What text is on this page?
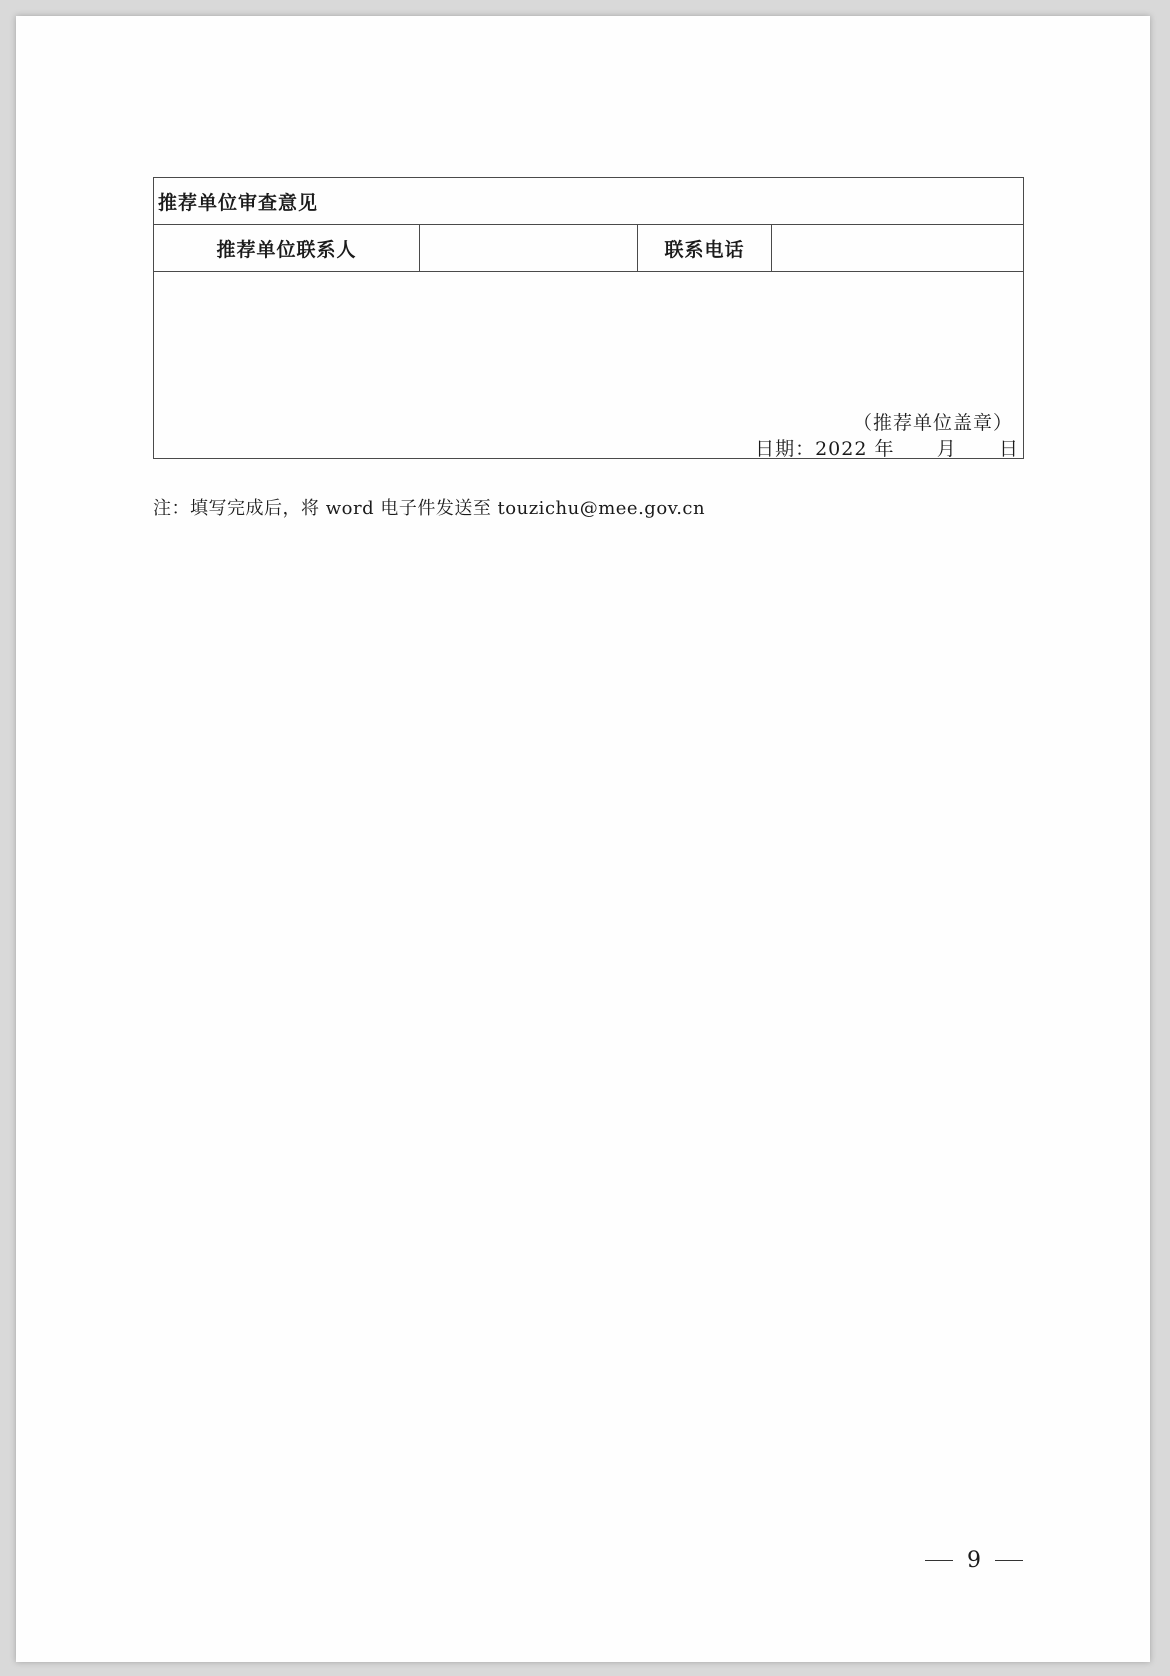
推荐单位审查意见
推荐单位联系人		联系电话	

（推荐单位盖章）
日期：2022 年 月 日
注：填写完成后，将 word 电子件发送至 touzichu@mee.gov.cn
9
